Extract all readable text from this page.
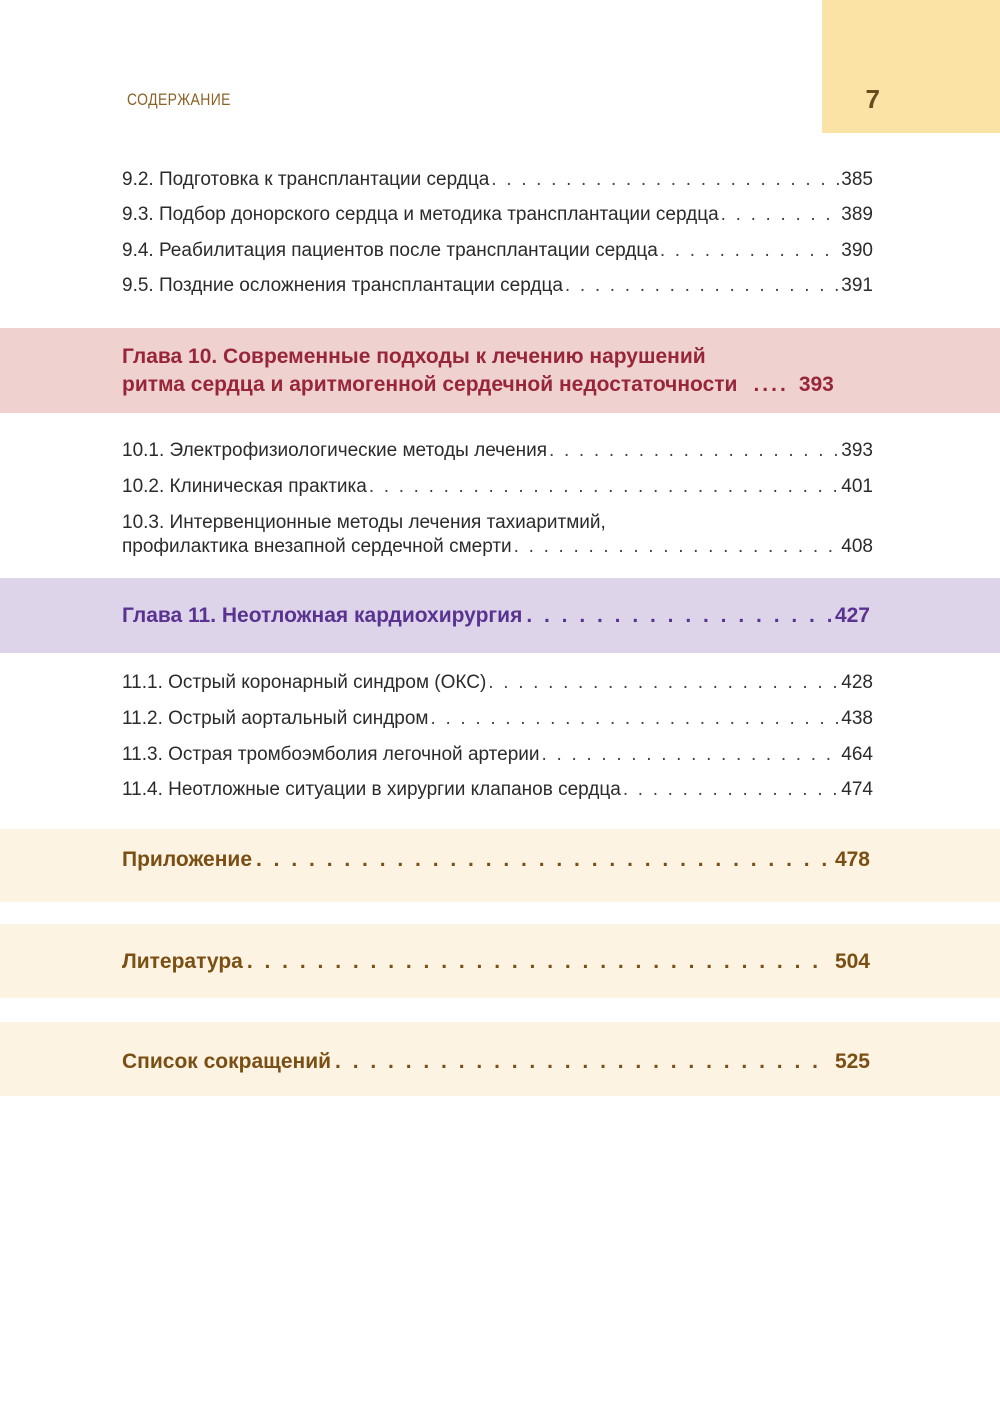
7
СОДЕРЖАНИЕ
9.2. Подготовка к трансплантации сердца . . .	385
9.3. Подбор донорского сердца и методика трансплантации сердца . . .	389
9.4. Реабилитация пациентов после трансплантации сердца . . .	390
9.5. Поздние осложнения трансплантации сердца . . .	391
Глава 10. Современные подходы к лечению нарушений
ритма сердца и аритмогенной сердечной недостаточности .... 393
10.1. Электрофизиологические методы лечения . . .	393
10.2. Клиническая практика . . .	401
10.3. Интервенционные методы лечения тахиаритмий,
профилактика внезапной сердечной смерти . . .	408
Глава 11. Неотложная кардиохирургия . . .	427
11.1. Острый коронарный синдром (ОКС) . . .	428
11.2. Острый аортальный синдром . . .	438
11.3. Острая тромбоэмболия легочной артерии . . .	464
11.4. Неотложные ситуации в хирургии клапанов сердца . . .	474
Приложение . . .	478
Литература . . .	504
Список сокращений . . .	525
